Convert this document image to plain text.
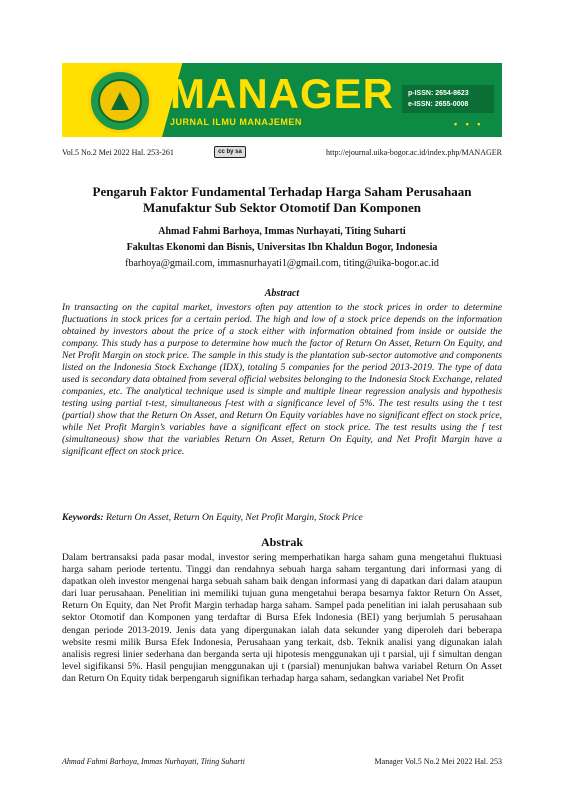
MANAGER
JURNAL ILMU MANAJEMEN
p-ISSN: 2654-8623
e-ISSN: 2655-0008
• • •
Vol.5 No.2 Mei 2022 Hal. 253-261	cc by sa	http://ejournal.uika-bogor.ac.id/index.php/MANAGER
Pengaruh Faktor Fundamental Terhadap Harga Saham Perusahaan
Manufaktur Sub Sektor Otomotif Dan Komponen
Ahmad Fahmi Barhoya, Immas Nurhayati, Titing Suharti
Fakultas Ekonomi dan Bisnis, Universitas Ibn Khaldun Bogor, Indonesia
fbarhoya@gmail.com, immasnurhayati1@gmail.com, titing@uika-bogor.ac.id
Abstract

In transacting on the capital market, investors often pay attention to the stock prices in order to determine fluctuations in stock prices for a certain period. The high and low of a stock price depends on the information obtained by investors about the price of a stock either with information obtained from inside or outside the company. This study has a purpose to determine how much the factor of Return On Asset, Return On Equity, and Net Profit Margin on stock price. The sample in this study is the plantation sub-sector automotive and components listed on the Indonesia Stock Exchange (IDX), totaling 5 companies for the period 2013-2019. The type of data used is secondary data obtained from several official websites belonging to the Indonesia Stock Exchange, related companies, etc. The analytical technique used is simple and multiple linear regression analysis and hypothesis testing using partial t-test, simultaneous f-test with a significance level of 5%. The test results using the t test (partial) show that the Return On Asset, and Return On Equity variables have no significant effect on stock price, while Net Profit Margin’s variables have a significant effect on stock price. The test results using the f test (simultaneous) show that the variables Return On Asset, Return On Equity, and Net Profit Margin have a significant effect on stock price.

Keywords: Return On Asset, Return On Equity, Net Profit Margin, Stock Price
Abstrak

Dalam bertransaksi pada pasar modal, investor sering memperhatikan harga saham guna mengetahui fluktuasi harga saham periode tertentu. Tinggi dan rendahnya sebuah harga saham tergantung dari informasi yang di dapatkan oleh investor mengenai harga sebuah saham baik dengan informasi yang di dapatkan dari dalam ataupun dari luar perusahaan. Penelitian ini memiliki tujuan guna mengetahui berapa besarnya faktor Return On Asset, Return On Equity, dan Net Profit Margin terhadap harga saham. Sampel pada penelitian ini ialah perusahaan sub sektor Otomotif dan Komponen yang terdaftar di Bursa Efek Indonesia (BEI) yang berjumlah 5 perusahaan dengan periode 2013-2019. Jenis data yang dipergunakan ialah data sekunder yang diperoleh dari beberapa website resmi milik Bursa Efek Indonesia, Perusahaan yang terkait, dsb. Teknik analisi yang digunakan ialah analisis regresi linier sederhana dan berganda serta uji hipotesis menggunakan uji t parsial, uji f simultan dengan level sigifikansi 5%. Hasil pengujian menggunakan uji t (parsial) menunjukan bahwa variabel Return On Asset dan Return On Equity tidak berpengaruh signifikan terhadap harga saham, sedangkan variabel Net Profit

Ahmad Fahmi Barhoya, Immas Nurhayati, Titing Suharti	Manager Vol.5 No.2 Mei 2022 Hal. 253
